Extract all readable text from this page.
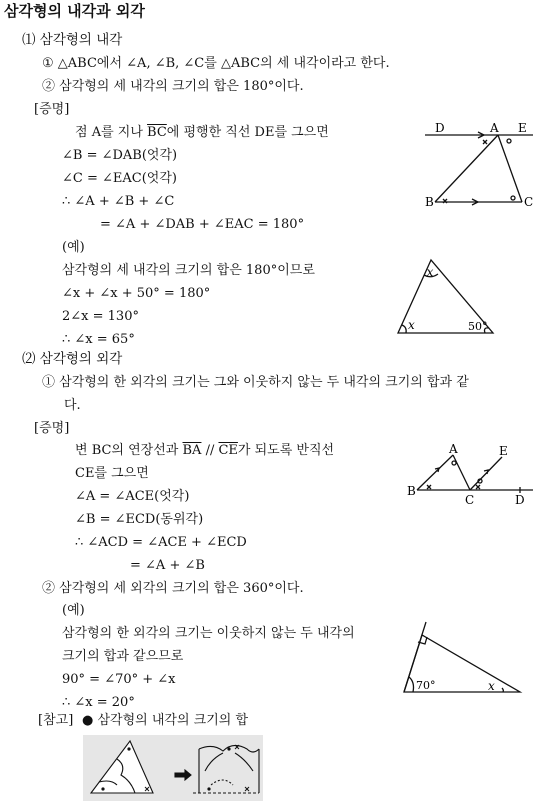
삼각형의 내각과 외각
⑴ 삼각형의 내각
① △ABC에서 ∠A, ∠B, ∠C를 △ABC의 세 내각이라고 한다.
② 삼각형의 세 내각의 크기의 합은 180°이다.
[증명]
점 A를 지나 $\overline{BC}$에 평행한 직선 DE를 그으면
∠B = ∠DAB(엇각)
∠C = ∠EAC(엇각)
∴ ∠A + ∠B + ∠C
= ∠A + ∠DAB + ∠EAC = 180°
(예)
삼각형의 세 내각의 크기의 합은 180°이므로
∠x + ∠x + 50° = 180°
2∠x = 130°
∴ ∠x = 65°
D	A E
B	C
x
x	50°
⑵ 삼각형의 외각
① 삼각형의 한 외각의 크기는 그와 이웃하지 않는 두 내각의 크기의 합과 같
다.
[증명]
변 BC의 연장선과 $\overline{BA} // \overline{CE}$가 되도록 반직선
CE를 그으면
∠A = ∠ACE(엇각)
∠B = ∠ECD(동위각)
∴ ∠ACD = ∠ACE + ∠ECD
= ∠A + ∠B
② 삼각형의 세 외각의 크기의 합은 360°이다.
(예)
삼각형의 한 외각의 크기는 이웃하지 않는 두 내각의
크기의 합과 같으므로
90° = ∠70° + ∠x
∴ ∠x = 20°
A	E
B
C	D
70°	x
[참고] ● 삼각형의 내각의 크기의 합
